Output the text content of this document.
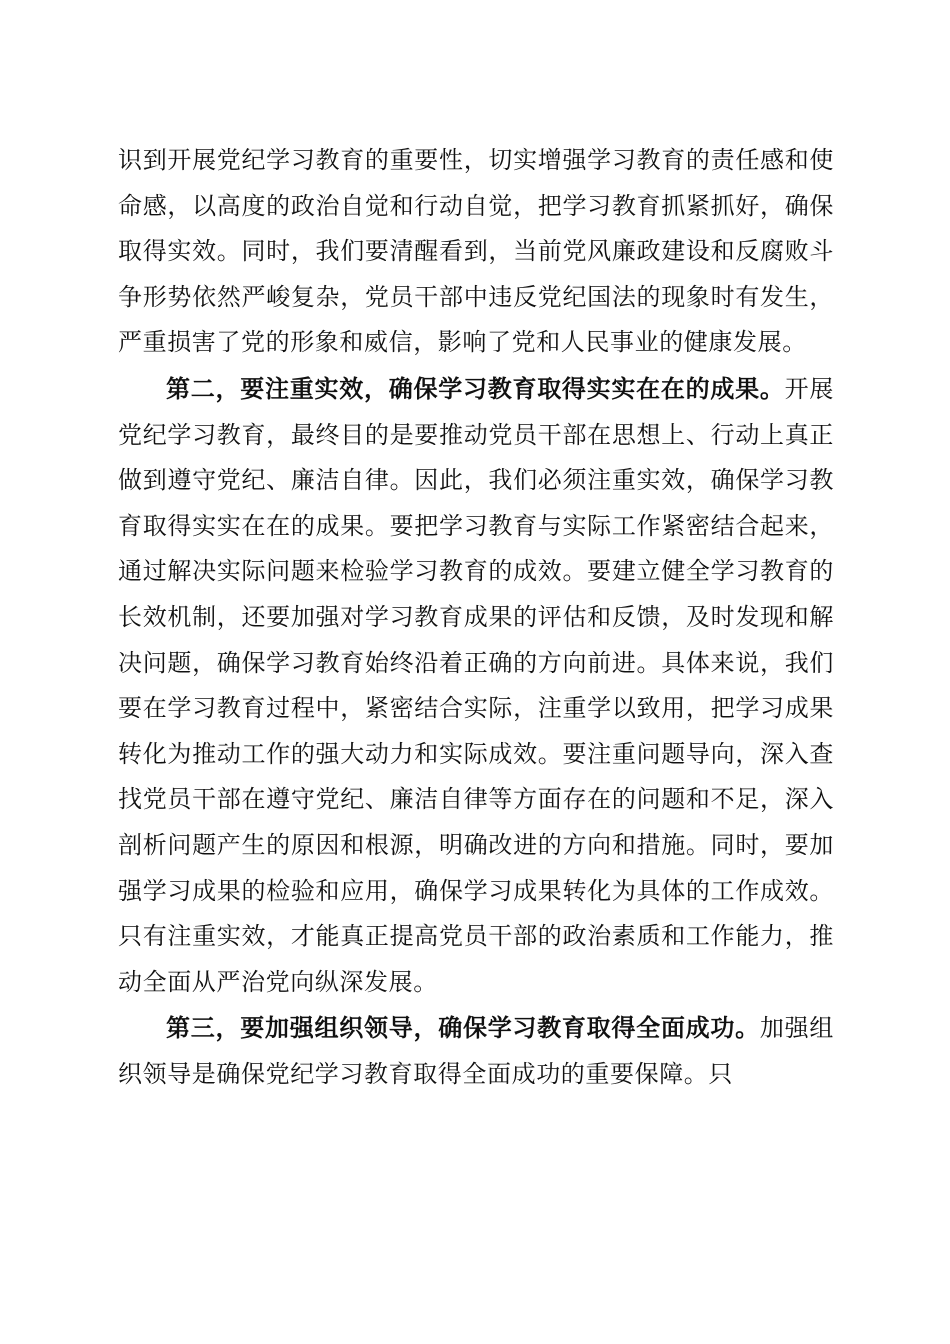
识到开展党纪学习教育的重要性，切实增强学习教育的责任感和使命感，以高度的政治自觉和行动自觉，把学习教育抓紧抓好，确保取得实效。同时，我们要清醒看到，当前党风廉政建设和反腐败斗争形势依然严峻复杂，党员干部中违反党纪国法的现象时有发生，严重损害了党的形象和威信，影响了党和人民事业的健康发展。

第二，要注重实效，确保学习教育取得实实在在的成果。开展党纪学习教育，最终目的是要推动党员干部在思想上、行动上真正做到遵守党纪、廉洁自律。因此，我们必须注重实效，确保学习教育取得实实在在的成果。要把学习教育与实际工作紧密结合起来，通过解决实际问题来检验学习教育的成效。要建立健全学习教育的长效机制，还要加强对学习教育成果的评估和反馈，及时发现和解决问题，确保学习教育始终沿着正确的方向前进。具体来说，我们要在学习教育过程中，紧密结合实际，注重学以致用，把学习成果转化为推动工作的强大动力和实际成效。要注重问题导向，深入查找党员干部在遵守党纪、廉洁自律等方面存在的问题和不足，深入剖析问题产生的原因和根源，明确改进的方向和措施。同时，要加强学习成果的检验和应用，确保学习成果转化为具体的工作成效。只有注重实效，才能真正提高党员干部的政治素质和工作能力，推动全面从严治党向纵深发展。

第三，要加强组织领导，确保学习教育取得全面成功。加强组织领导是确保党纪学习教育取得全面成功的重要保障。只
